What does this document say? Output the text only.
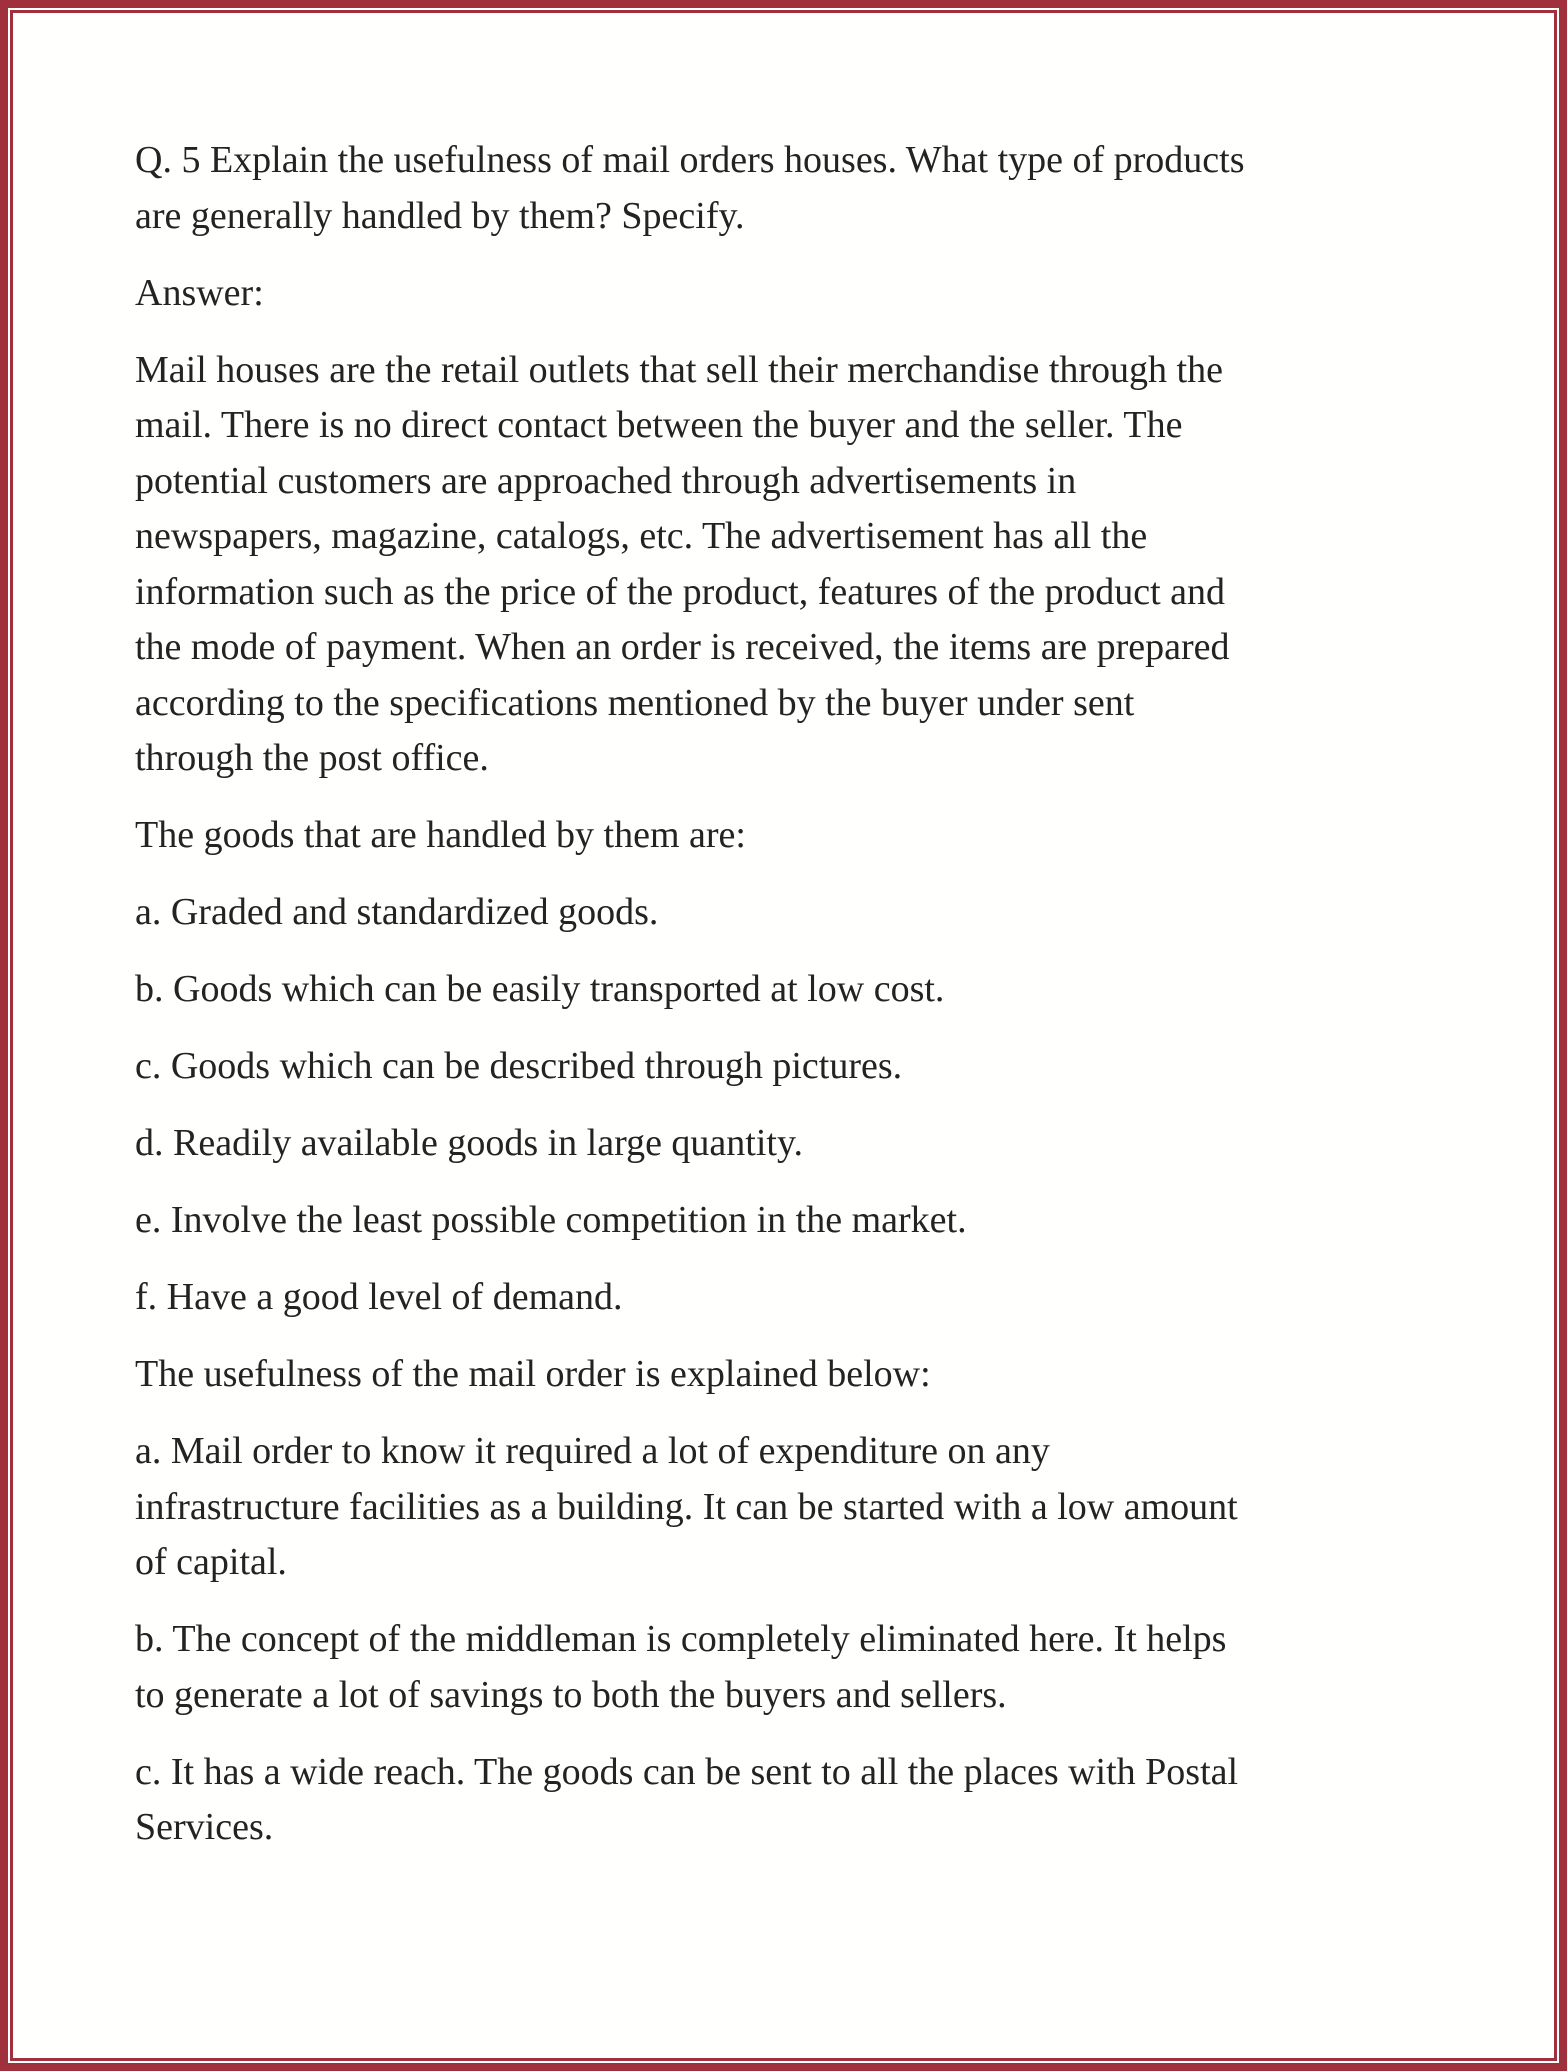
Q. 5 Explain the usefulness of mail orders houses. What type of products
are generally handled by them? Specify.

Answer:

Mail houses are the retail outlets that sell their merchandise through the
mail. There is no direct contact between the buyer and the seller. The
potential customers are approached through advertisements in
newspapers, magazine, catalogs, etc. The advertisement has all the
information such as the price of the product, features of the product and
the mode of payment. When an order is received, the items are prepared
according to the specifications mentioned by the buyer under sent
through the post office.

The goods that are handled by them are:

a. Graded and standardized goods.

b. Goods which can be easily transported at low cost.

c. Goods which can be described through pictures.

d. Readily available goods in large quantity.

e. Involve the least possible competition in the market.

f. Have a good level of demand.

The usefulness of the mail order is explained below:

a. Mail order to know it required a lot of expenditure on any
infrastructure facilities as a building. It can be started with a low amount
of capital.

b. The concept of the middleman is completely eliminated here. It helps
to generate a lot of savings to both the buyers and sellers.

c. It has a wide reach. The goods can be sent to all the places with Postal
Services.
